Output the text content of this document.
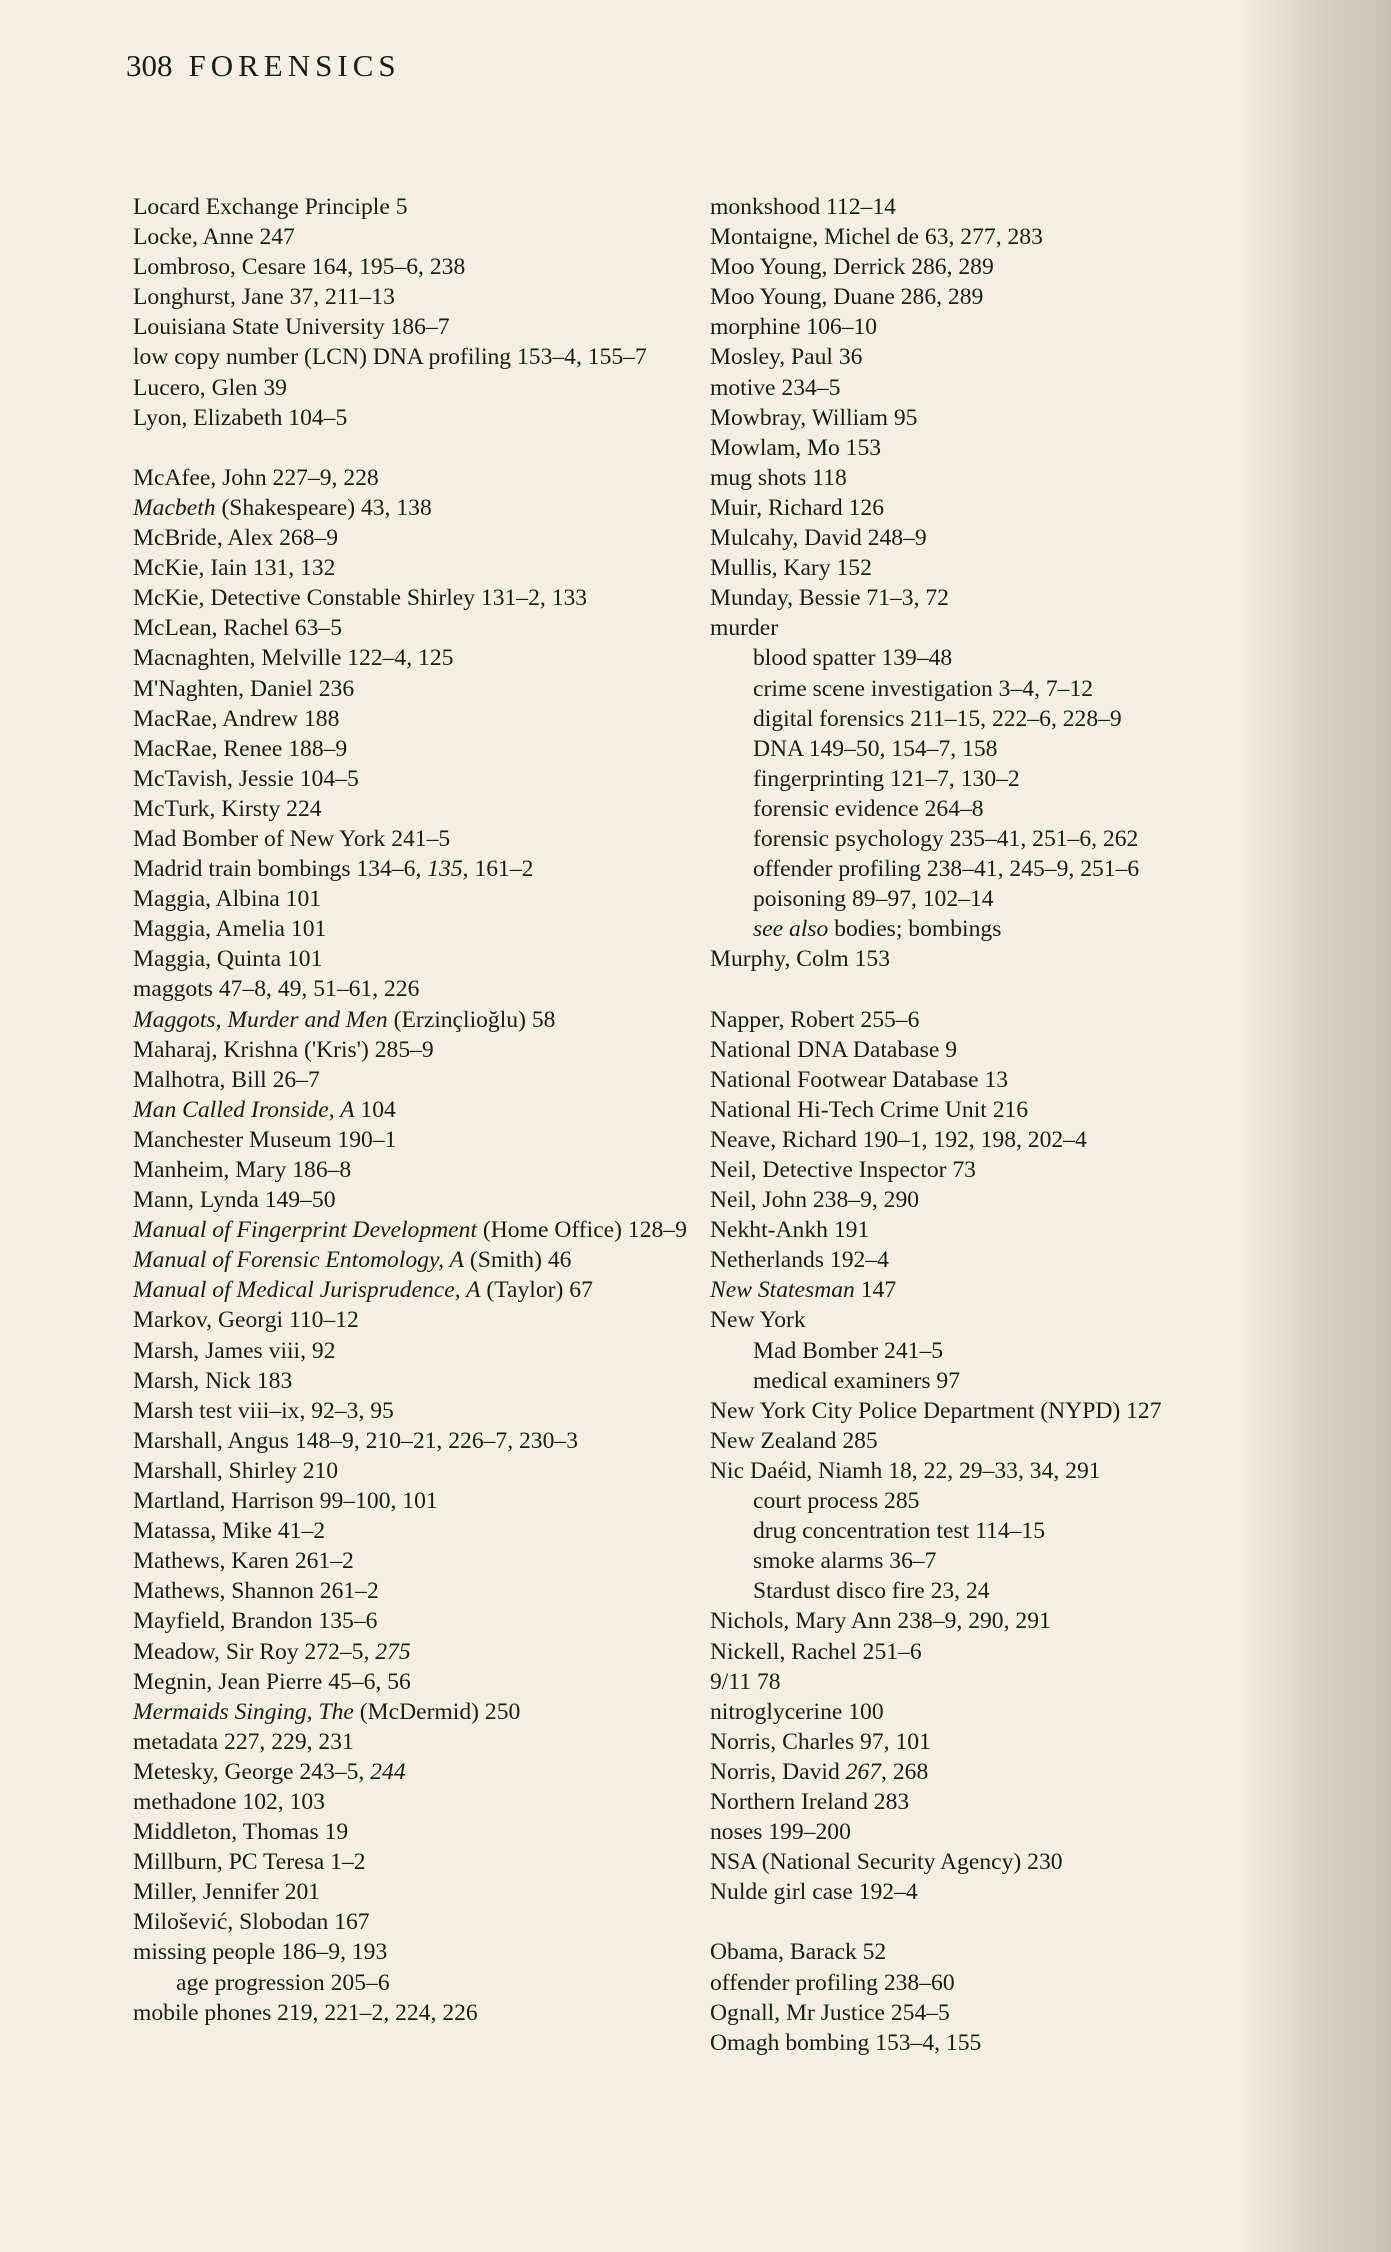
308 FORENSICS
Locard Exchange Principle 5
Locke, Anne 247
Lombroso, Cesare 164, 195–6, 238
Longhurst, Jane 37, 211–13
Louisiana State University 186–7
low copy number (LCN) DNA profiling 153–4, 155–7
Lucero, Glen 39
Lyon, Elizabeth 104–5
McAfee, John 227–9, 228
Macbeth (Shakespeare) 43, 138
McBride, Alex 268–9
McKie, Iain 131, 132
McKie, Detective Constable Shirley 131–2, 133
McLean, Rachel 63–5
Macnaghten, Melville 122–4, 125
M'Naghten, Daniel 236
MacRae, Andrew 188
MacRae, Renee 188–9
McTavish, Jessie 104–5
McTurk, Kirsty 224
Mad Bomber of New York 241–5
Madrid train bombings 134–6, 135, 161–2
Maggia, Albina 101
Maggia, Amelia 101
Maggia, Quinta 101
maggots 47–8, 49, 51–61, 226
Maggots, Murder and Men (Erzinçlioğlu) 58
Maharaj, Krishna ('Kris') 285–9
Malhotra, Bill 26–7
Man Called Ironside, A 104
Manchester Museum 190–1
Manheim, Mary 186–8
Mann, Lynda 149–50
Manual of Fingerprint Development (Home Office) 128–9
Manual of Forensic Entomology, A (Smith) 46
Manual of Medical Jurisprudence, A (Taylor) 67
Markov, Georgi 110–12
Marsh, James viii, 92
Marsh, Nick 183
Marsh test viii–ix, 92–3, 95
Marshall, Angus 148–9, 210–21, 226–7, 230–3
Marshall, Shirley 210
Martland, Harrison 99–100, 101
Matassa, Mike 41–2
Mathews, Karen 261–2
Mathews, Shannon 261–2
Mayfield, Brandon 135–6
Meadow, Sir Roy 272–5, 275
Megnin, Jean Pierre 45–6, 56
Mermaids Singing, The (McDermid) 250
metadata 227, 229, 231
Metesky, George 243–5, 244
methadone 102, 103
Middleton, Thomas 19
Millburn, PC Teresa 1–2
Miller, Jennifer 201
Milošević, Slobodan 167
missing people 186–9, 193
age progression 205–6
mobile phones 219, 221–2, 224, 226
monkshood 112–14
Montaigne, Michel de 63, 277, 283
Moo Young, Derrick 286, 289
Moo Young, Duane 286, 289
morphine 106–10
Mosley, Paul 36
motive 234–5
Mowbray, William 95
Mowlam, Mo 153
mug shots 118
Muir, Richard 126
Mulcahy, David 248–9
Mullis, Kary 152
Munday, Bessie 71–3, 72
murder
blood spatter 139–48
crime scene investigation 3–4, 7–12
digital forensics 211–15, 222–6, 228–9
DNA 149–50, 154–7, 158
fingerprinting 121–7, 130–2
forensic evidence 264–8
forensic psychology 235–41, 251–6, 262
offender profiling 238–41, 245–9, 251–6
poisoning 89–97, 102–14
see also bodies; bombings
Murphy, Colm 153
Napper, Robert 255–6
National DNA Database 9
National Footwear Database 13
National Hi-Tech Crime Unit 216
Neave, Richard 190–1, 192, 198, 202–4
Neil, Detective Inspector 73
Neil, John 238–9, 290
Nekht-Ankh 191
Netherlands 192–4
New Statesman 147
New York
Mad Bomber 241–5
medical examiners 97
New York City Police Department (NYPD) 127
New Zealand 285
Nic Daéid, Niamh 18, 22, 29–33, 34, 291
court process 285
drug concentration test 114–15
smoke alarms 36–7
Stardust disco fire 23, 24
Nichols, Mary Ann 238–9, 290, 291
Nickell, Rachel 251–6
9/11 78
nitroglycerine 100
Norris, Charles 97, 101
Norris, David 267, 268
Northern Ireland 283
noses 199–200
NSA (National Security Agency) 230
Nulde girl case 192–4
Obama, Barack 52
offender profiling 238–60
Ognall, Mr Justice 254–5
Omagh bombing 153–4, 155
